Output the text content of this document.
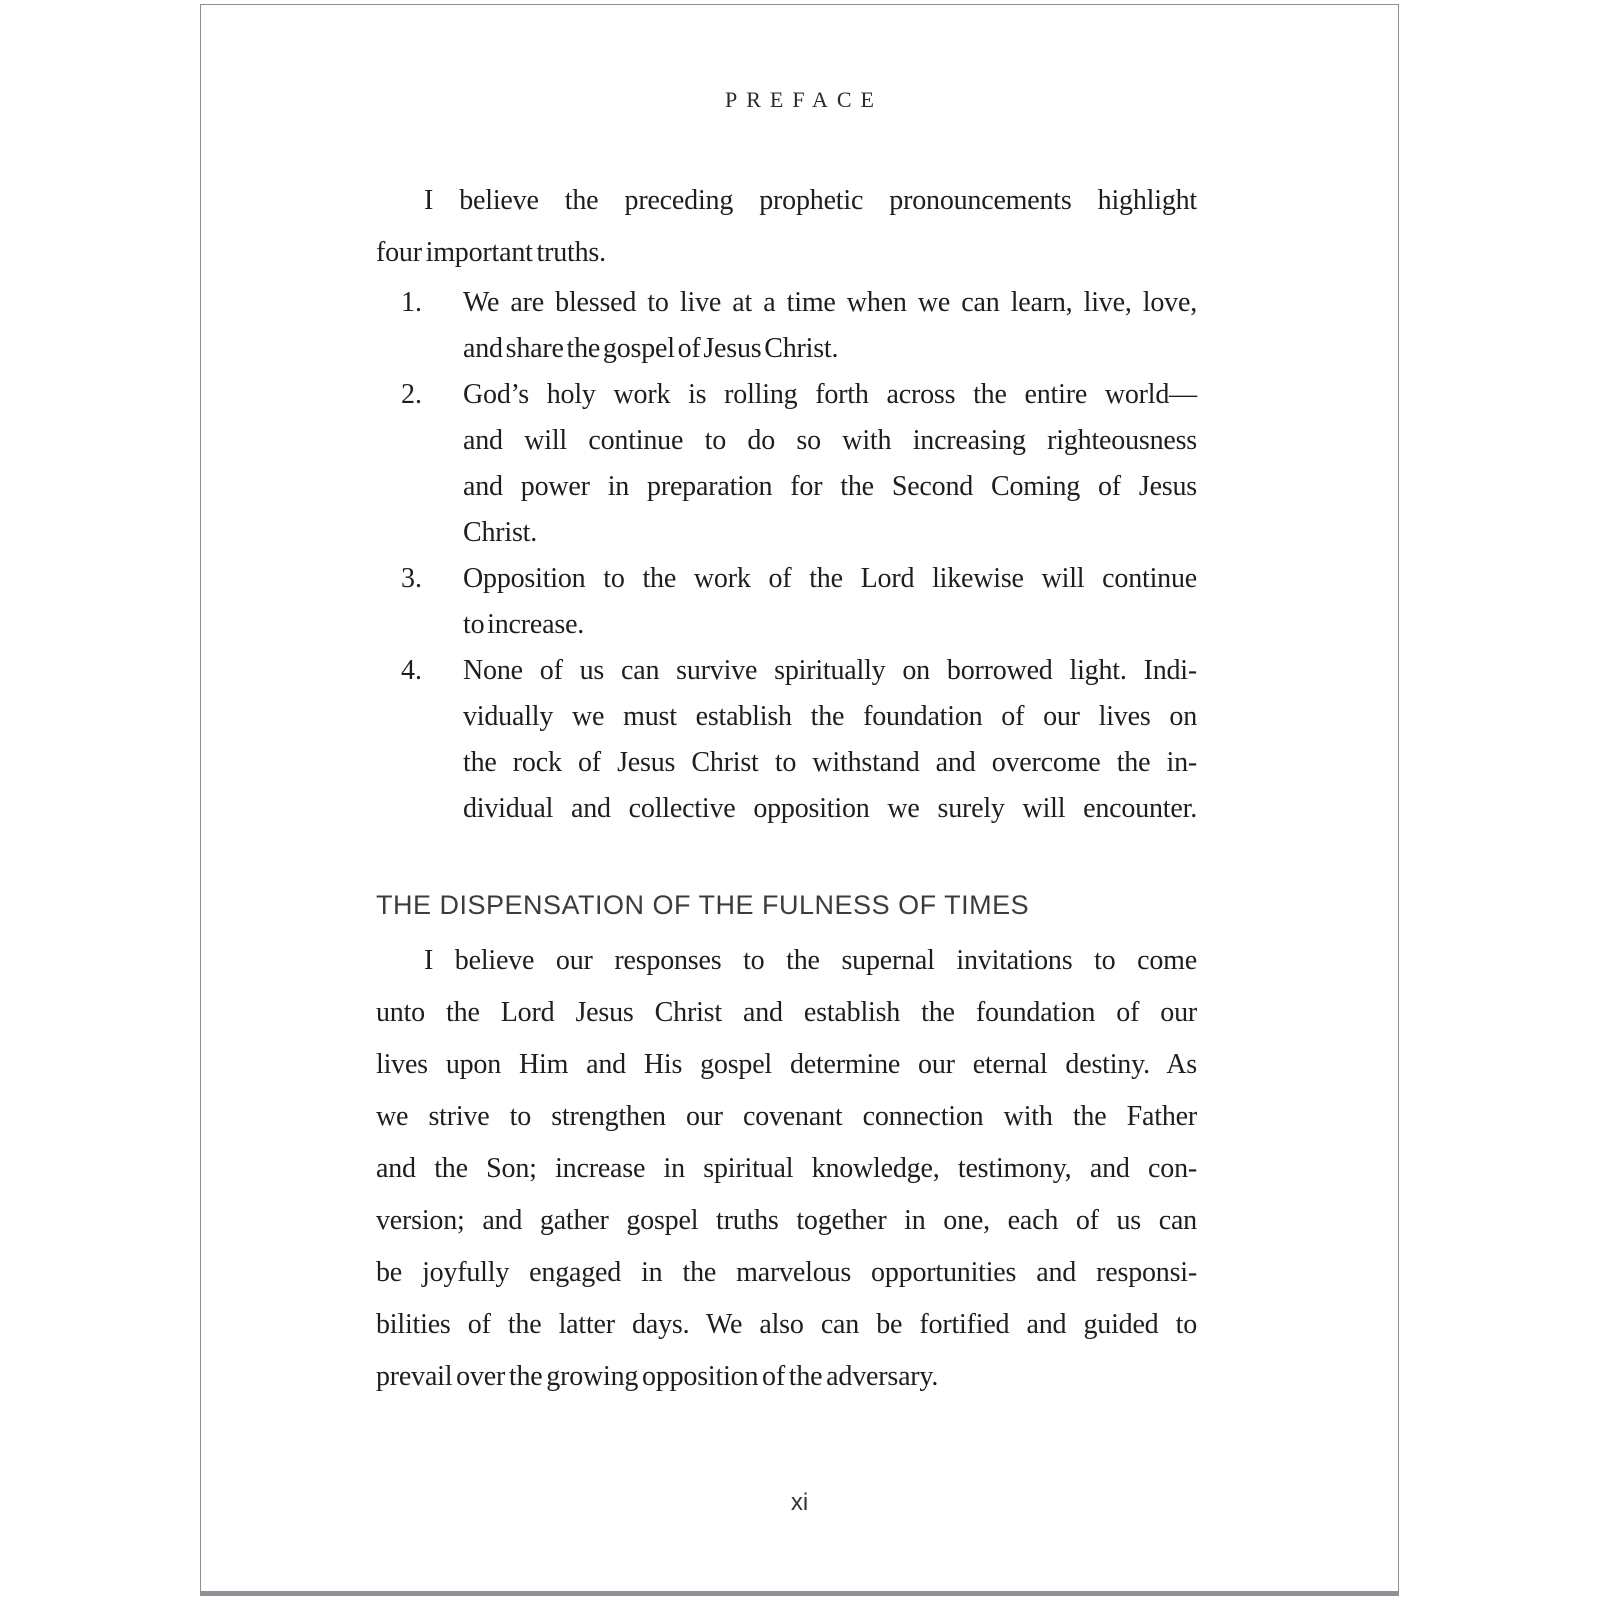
PREFACE
I believe the preceding prophetic pronouncements highlight
four important truths.
1.	We are blessed to live at a time when we can learn, live, love,
and share the gospel of Jesus Christ.
2.	God’s holy work is rolling forth across the entire world—
and will continue to do so with increasing righteousness
and power in preparation for the Second Coming of Jesus
Christ.
3.	Opposition to the work of the Lord likewise will continue
to increase.
4.	None of us can survive spiritually on borrowed light. Indi-
vidually we must establish the foundation of our lives on
the rock of Jesus Christ to withstand and overcome the in-
dividual and collective opposition we surely will encounter.
THE DISPENSATION OF THE FULNESS OF TIMES
I believe our responses to the supernal invitations to come
unto the Lord Jesus Christ and establish the foundation of our
lives upon Him and His gospel determine our eternal destiny. As
we strive to strengthen our covenant connection with the Father
and the Son; increase in spiritual knowledge, testimony, and con-
version; and gather gospel truths together in one, each of us can
be joyfully engaged in the marvelous opportunities and responsi-
bilities of the latter days. We also can be fortified and guided to
prevail over the growing opposition of the adversary.
xi
